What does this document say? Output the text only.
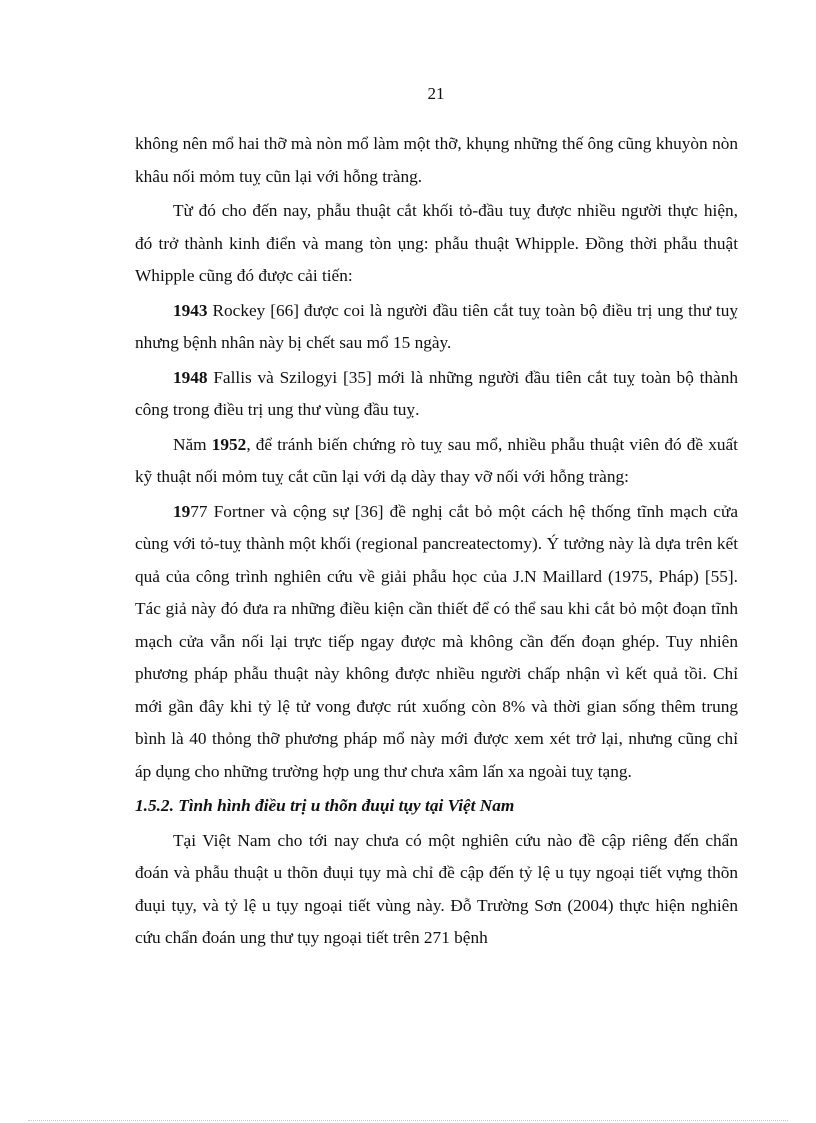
21

không nên mổ hai thỡ mà nòn mổ làm một thỡ, khụng những thế ông cũng khuyòn nòn khâu nối mỏm tuỵ cũn lại với hỗng tràng.

Từ đó cho đến nay, phẫu thuật cắt khối tỏ-đầu tuỵ được nhiều người thực hiện, đó trở thành kinh điển và mang tòn ụng: phẫu thuật Whipple. Đồng thời phẫu thuật Whipple cũng đó được cải tiến:

1943 Rockey [66] được coi là người đầu tiên cắt tuỵ toàn bộ điều trị ung thư tuỵ nhưng bệnh nhân này bị chết sau mổ 15 ngày.

1948 Fallis và Szilogyi [35] mới là những người đầu tiên cắt tuỵ toàn bộ thành công trong điều trị ung thư vùng đầu tuỵ.

Năm 1952, để tránh biến chứng rò tuỵ sau mổ, nhiều phẫu thuật viên đó đề xuất kỹ thuật nối mỏm tuỵ cắt cũn lại với dạ dày thay vỡ nối với hỗng tràng:

1977 Fortner và cộng sự [36] đề nghị cắt bỏ một cách hệ thống tĩnh mạch cửa cùng với tỏ-tuỵ thành một khối (regional pancreatectomy). Ý tưởng này là dựa trên kết quả của công trình nghiên cứu về giải phẫu học của J.N Maillard (1975, Pháp) [55]. Tác giả này đó đưa ra những điều kiện cần thiết để có thể sau khi cắt bỏ một đoạn tĩnh mạch cửa vẫn nối lại trực tiếp ngay được mà không cần đến đoạn ghép. Tuy nhiên phương pháp phẫu thuật này không được nhiều người chấp nhận vì kết quả tồi. Chỉ mới gần đây khi tỷ lệ tử vong được rút xuống còn 8% và thời gian sống thêm trung bình là 40 thỏng thỡ phương pháp mổ này mới được xem xét trở lại, nhưng cũng chỉ áp dụng cho những trường hợp ung thư chưa xâm lấn xa ngoài tuỵ tạng.

1.5.2. Tình hình điều trị u thõn đuụi tụy tại Việt Nam

Tại Việt Nam cho tới nay chưa có một nghiên cứu nào đề cập riêng đến chẩn đoán và phẫu thuật u thõn đuụi tụy mà chỉ đề cập đến tỷ lệ u tụy ngoại tiết vựng thõn đuụi tụy, và tỷ lệ u tụy ngoại tiết vùng này. Đỗ Trường Sơn (2004) thực hiện nghiên cứu chẩn đoán ung thư tụy ngoại tiết trên 271 bệnh
